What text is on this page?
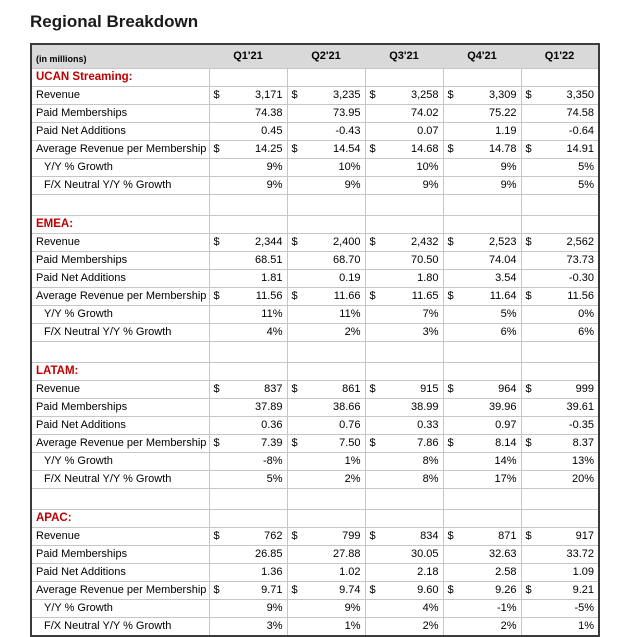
Regional Breakdown
(in millions)	Q1'21	Q2'21	Q3'21	Q4'21	Q1'22
UCAN Streaming:					
Revenue	$ 3,171	$ 3,235	$ 3,258	$ 3,309	$ 3,350

Paid Memberships	74.38	73.95	74.02	75.22	74.58
Paid Net Additions	0.45	-0.43	0.07	1.19	-0.64
Average Revenue per Membership	$ 14.25	$ 14.54	$ 14.68	$ 14.78	$ 14.91

Y/Y % Growth	9%	10%	10%	9%	5%
F/X Neutral Y/Y % Growth	9%	9%	9%	9%	5%

EMEA:					
Revenue	$ 2,344	$ 2,400	$ 2,432	$ 2,523	$ 2,562

Paid Memberships	68.51	68.70	70.50	74.04	73.73
Paid Net Additions	1.81	0.19	1.80	3.54	-0.30
Average Revenue per Membership	$ 11.56	$ 11.66	$ 11.65	$ 11.64	$ 11.56

Y/Y % Growth	11%	11%	7%	5%	0%
F/X Neutral Y/Y % Growth	4%	2%	3%	6%	6%

LATAM:					
Revenue	$ 837	$ 861	$ 915	$ 964	$ 999

Paid Memberships	37.89	38.66	38.99	39.96	39.61
Paid Net Additions	0.36	0.76	0.33	0.97	-0.35
Average Revenue per Membership	$ 7.39	$ 7.50	$ 7.86	$ 8.14	$ 8.37

Y/Y % Growth	-8%	1%	8%	14%	13%
F/X Neutral Y/Y % Growth	5%	2%	8%	17%	20%

APAC:					
Revenue	$ 762	$ 799	$ 834	$ 871	$ 917

Paid Memberships	26.85	27.88	30.05	32.63	33.72
Paid Net Additions	1.36	1.02	2.18	2.58	1.09
Average Revenue per Membership	$ 9.71	$ 9.74	$ 9.60	$ 9.26	$ 9.21

Y/Y % Growth	9%	9%	4%	-1%	-5%
F/X Neutral Y/Y % Growth	3%	1%	2%	2%	1%
